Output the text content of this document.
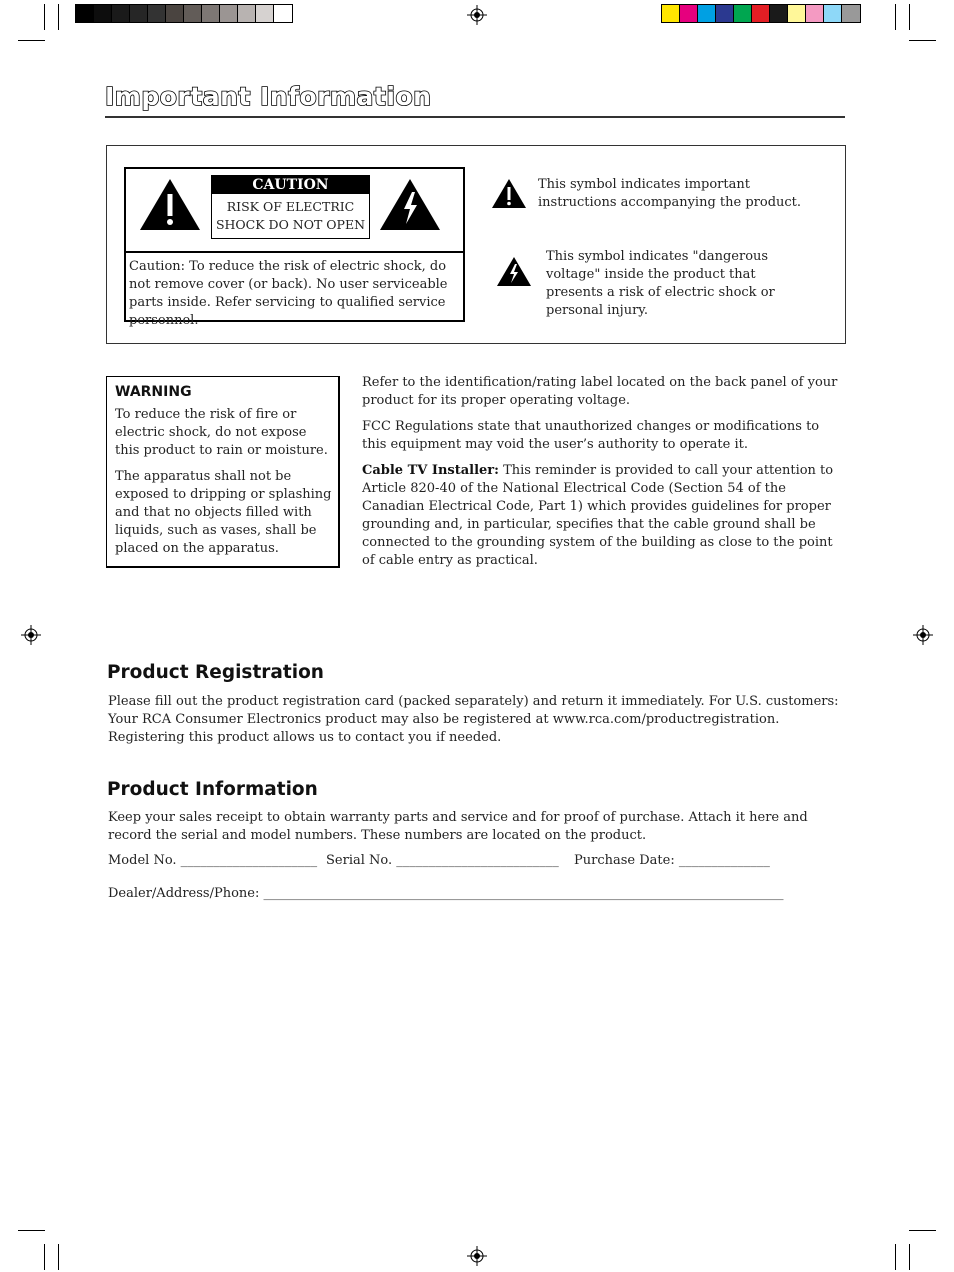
Important Information
CAUTION
RISK OF ELECTRIC
SHOCK DO NOT OPEN
Caution: To reduce the risk of electric shock, do not remove cover (or back). No user serviceable parts inside. Refer servicing to qualified service personnel.
This symbol indicates important instructions accompanying the product.
This symbol indicates "dangerous voltage" inside the product that presents a risk of electric shock or personal injury.
WARNING
To reduce the risk of fire or electric shock, do not expose this product to rain or moisture.
The apparatus shall not be exposed to dripping or splashing and that no objects filled with liquids, such as vases, shall be placed on the apparatus.
Refer to the identification/rating label located on the back panel of your product for its proper operating voltage.
FCC Regulations state that unauthorized changes or modifications to this equipment may void the user’s authority to operate it.
Cable TV Installer: This reminder is provided to call your attention to Article 820-40 of the National Electrical Code (Section 54 of the Canadian Electrical Code, Part 1) which provides guidelines for proper grounding and, in particular, specifies that the cable ground shall be connected to the grounding system of the building as close to the point of cable entry as practical.
Product Registration
Please fill out the product registration card (packed separately) and return it immediately. For U.S. customers: Your RCA Consumer Electronics product may also be registered at www.rca.com/productregistration. Registering this product allows us to contact you if needed.
Product Information
Keep your sales receipt to obtain warranty parts and service and for proof of purchase. Attach it here and record the serial and model numbers. These numbers are located on the product.
Model No. _____________________ Serial No. _________________________ Purchase Date: ______________
Dealer/Address/Phone: ________________________________________________________________________________
